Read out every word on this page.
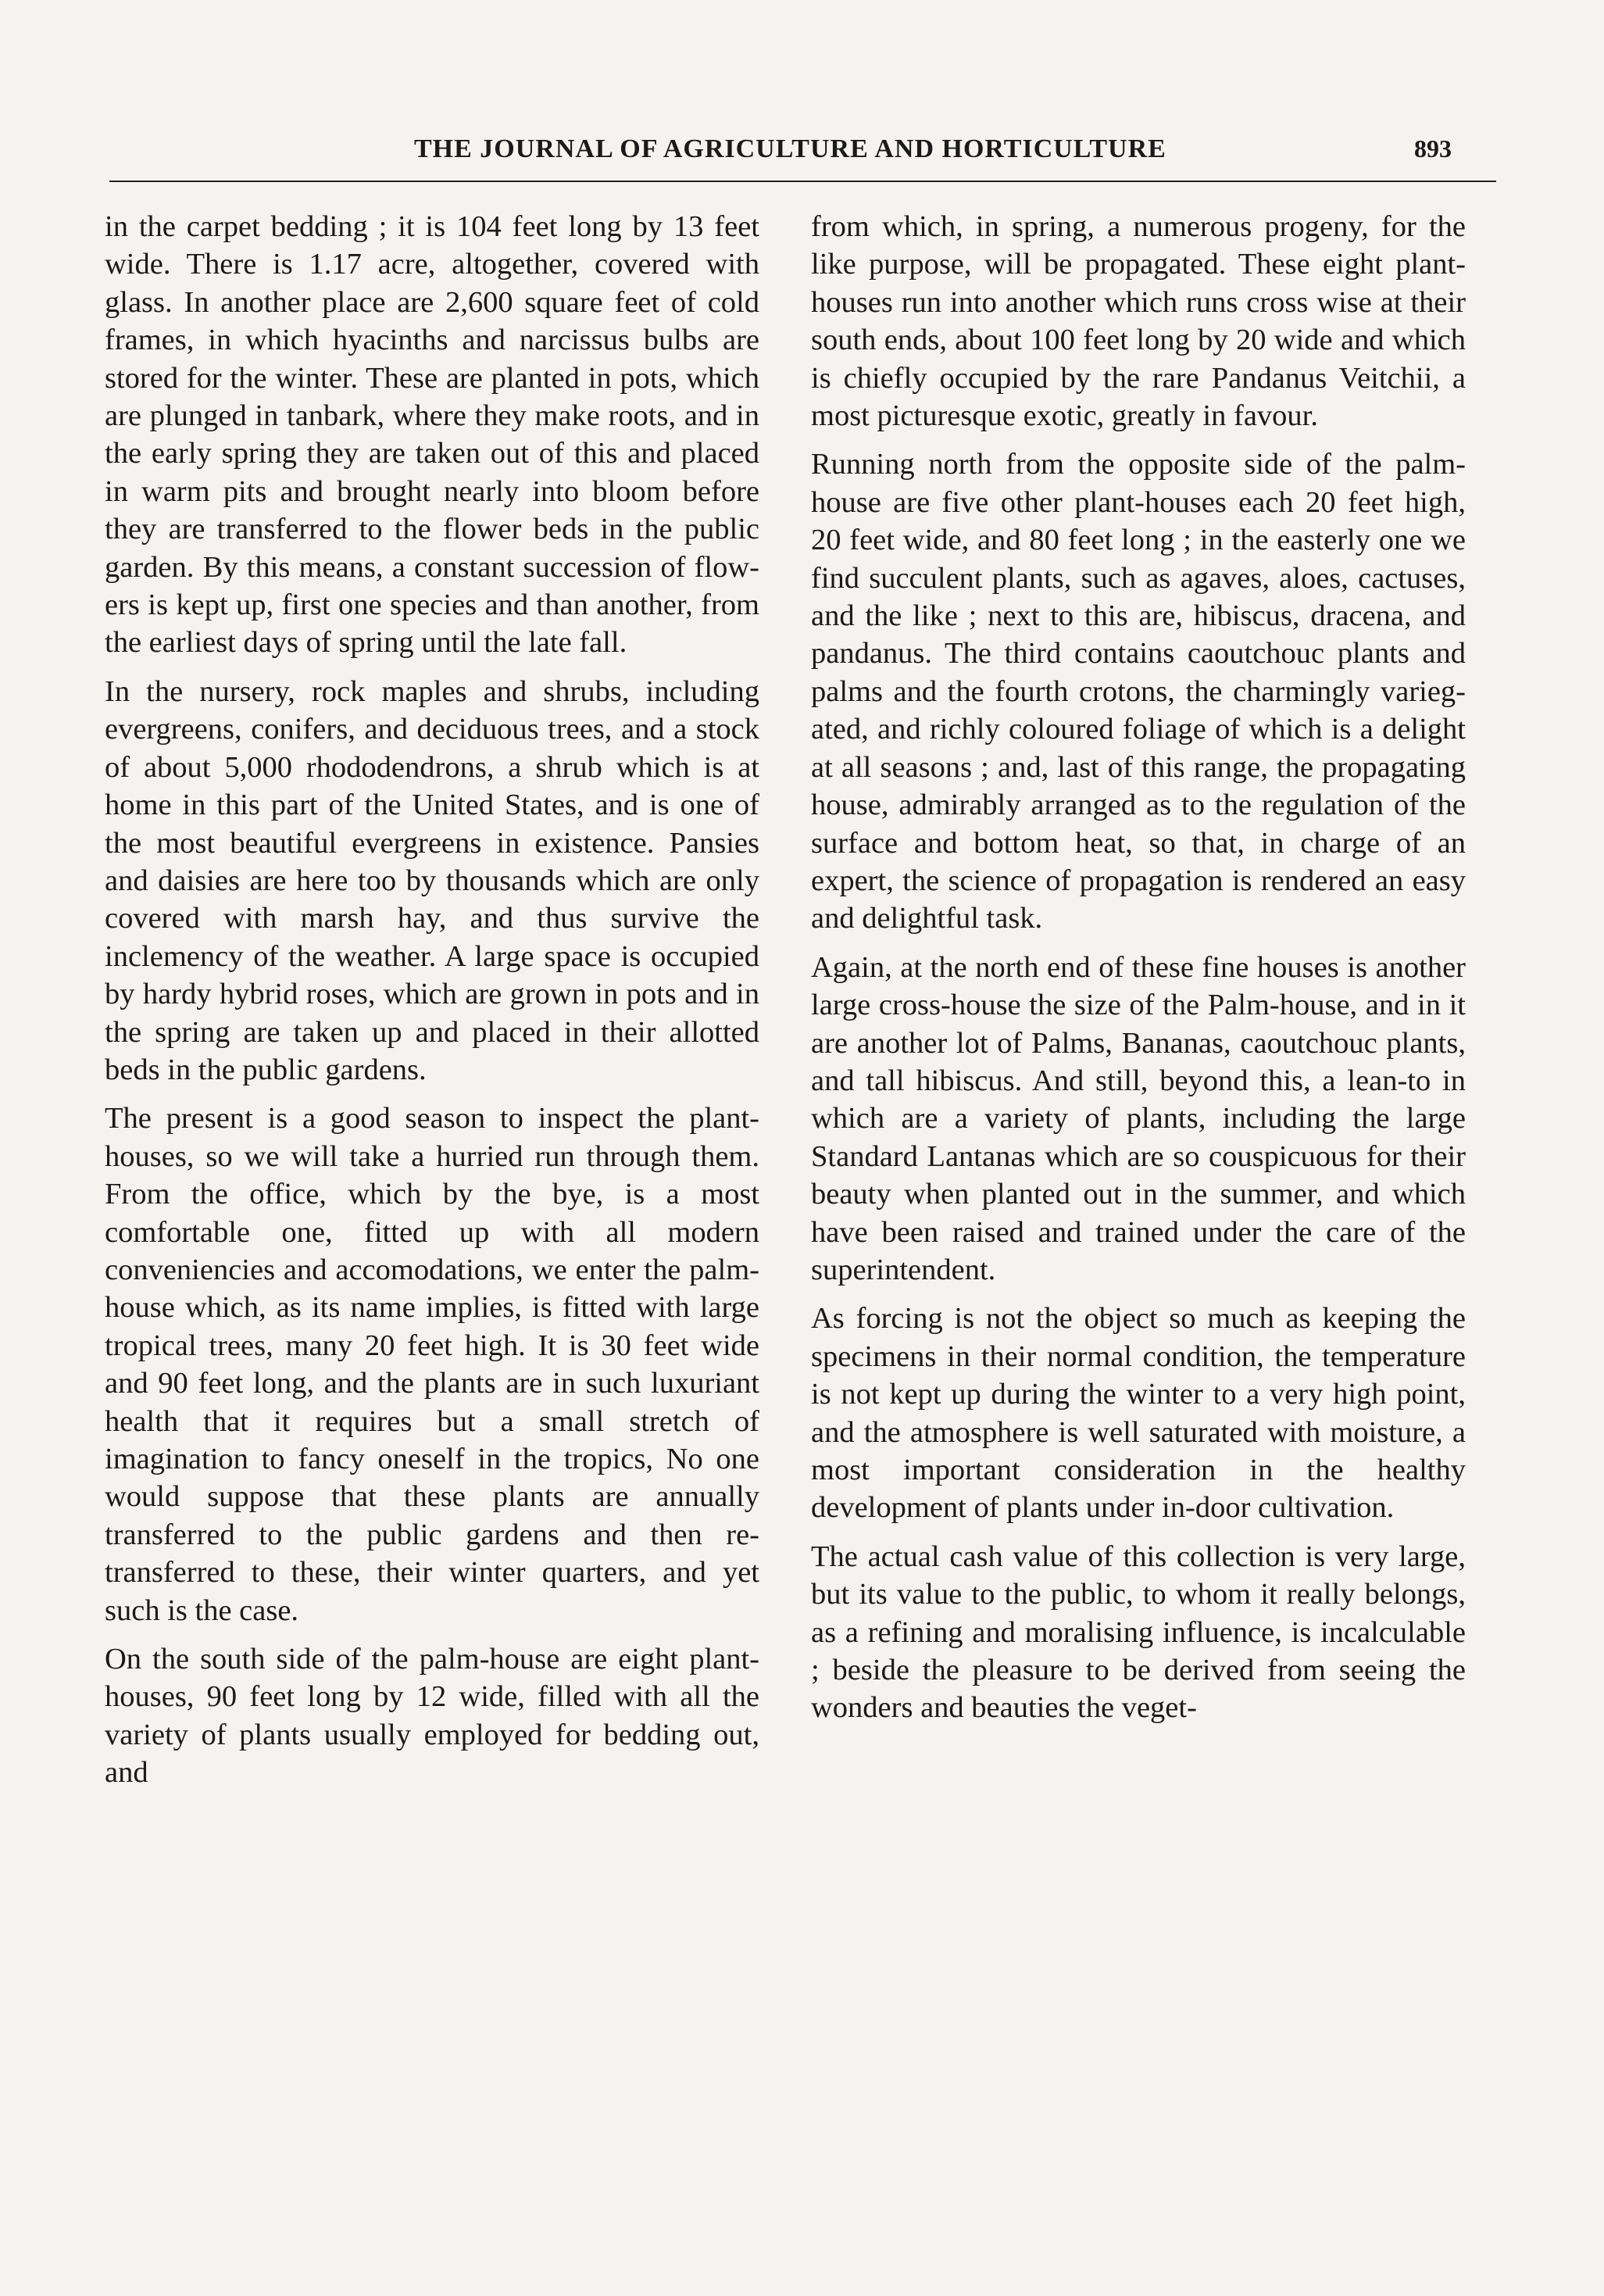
THE JOURNAL OF AGRICULTURE AND HORTICULTURE	893

in the carpet bedding ; it is 104 feet long by 13 feet wide. There is 1.17 acre, altogether, covered with glass. In another place are 2,600 square feet of cold frames, in which hyacinths and narcissus bulbs are stored for the winter. These are planted in pots, which are plunged in tanbark, where they make roots, and in the early spring they are taken out of this and placed in warm pits and brought nearly into bloom before they are transferred to the flower beds in the public garden. By this means, a constant succession of flowers is kept up, first one species and than another, from the earliest days of spring until the late fall.

In the nursery, rock maples and shrubs, including evergreens, conifers, and deciduous trees, and a stock of about 5,000 rhododendrons, a shrub which is at home in this part of the United States, and is one of the most beautiful evergreens in existence. Pansies and daisies are here too by thousands which are only covered with marsh hay, and thus survive the inclemency of the weather. A large space is occupied by hardy hybrid roses, which are grown in pots and in the spring are taken up and placed in their allotted beds in the public gardens.

The present is a good season to inspect the plant-houses, so we will take a hurried run through them. From the office, which by the bye, is a most comfortable one, fitted up with all modern conveniencies and accomodations, we enter the palmhouse which, as its name implies, is fitted with large tropical trees, many 20 feet high. It is 30 feet wide and 90 feet long, and the plants are in such luxuriant health that it requires but a small stretch of imagination to fancy oneself in the tropics, No one would suppose that these plants are annually transferred to the public gardens and then re-transferred to these, their winter quarters, and yet such is the case.

On the south side of the palm-house are eight plant-houses, 90 feet long by 12 wide, filled with all the variety of plants usually employed for bedding out, and

from which, in spring, a numerous progeny, for the like purpose, will be propagated. These eight plant-houses run into another which runs cross wise at their south ends, about 100 feet long by 20 wide and which is chiefly occupied by the rare Pandanus Veitchii, a most picturesque exotic, greatly in favour.

Running north from the opposite side of the palm-house are five other plant-houses each 20 feet high, 20 feet wide, and 80 feet long ; in the easterly one we find succulent plants, such as agaves, aloes, cactuses, and the like ; next to this are, hibiscus, dracena, and pandanus. The third contains caoutchouc plants and palms and the fourth crotons, the charmingly variegated, and richly coloured foliage of which is a delight at all seasons ; and, last of this range, the propagating house, admirably arranged as to the regulation of the surface and bottom heat, so that, in charge of an expert, the science of propagation is rendered an easy and delightful task.

Again, at the north end of these fine houses is another large cross-house the size of the Palm-house, and in it are another lot of Palms, Bananas, caoutchouc plants, and tall hibiscus. And still, beyond this, a lean-to in which are a variety of plants, including the large Standard Lantanas which are so couspicuous for their beauty when planted out in the summer, and which have been raised and trained under the care of the superintendent.

As forcing is not the object so much as keeping the specimens in their normal condition, the temperature is not kept up during the winter to a very high point, and the atmosphere is well saturated with moisture, a most important consideration in the healthy development of plants under in-door cultivation.

The actual cash value of this collection is very large, but its value to the public, to whom it really belongs, as a refining and moralising influence, is incalculable ; beside the pleasure to be derived from seeing the wonders and beauties the veget-
